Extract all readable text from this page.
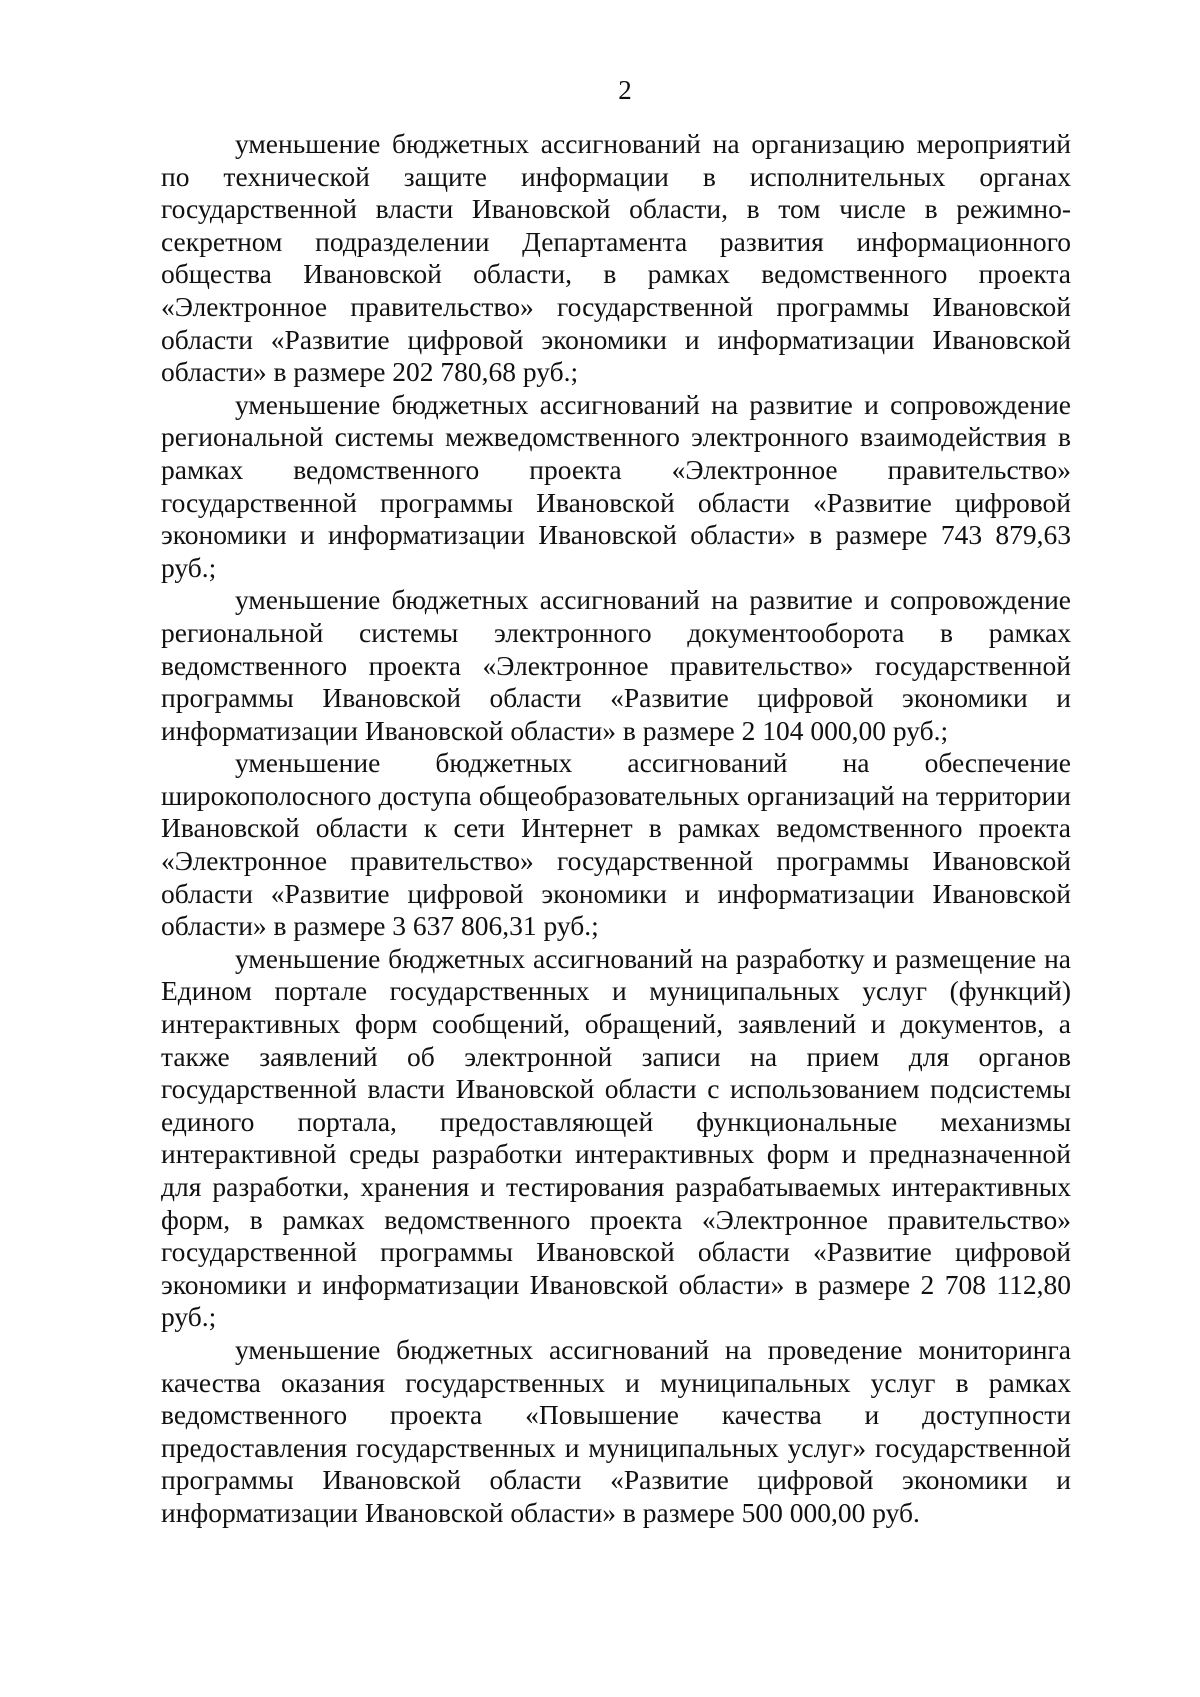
2

уменьшение бюджетных ассигнований на организацию мероприятий по технической защите информации в исполнительных органах государственной власти Ивановской области, в том числе в режимно-секретном подразделении Департамента развития информационного общества Ивановской области, в рамках ведомственного проекта «Электронное правительство» государственной программы Ивановской области «Развитие цифровой экономики и информатизации Ивановской области» в размере 202 780,68 руб.;

уменьшение бюджетных ассигнований на развитие и сопровождение региональной системы межведомственного электронного взаимодействия в рамках ведомственного проекта «Электронное правительство» государственной программы Ивановской области «Развитие цифровой экономики и информатизации Ивановской области» в размере 743 879,63 руб.;

уменьшение бюджетных ассигнований на развитие и сопровождение региональной системы электронного документооборота в рамках ведомственного проекта «Электронное правительство» государственной программы Ивановской области «Развитие цифровой экономики и информатизации Ивановской области» в размере 2 104 000,00 руб.;

уменьшение бюджетных ассигнований на обеспечение широкополосного доступа общеобразовательных организаций на территории Ивановской области к сети Интернет в рамках ведомственного проекта «Электронное правительство» государственной программы Ивановской области «Развитие цифровой экономики и информатизации Ивановской области» в размере 3 637 806,31 руб.;

уменьшение бюджетных ассигнований на разработку и размещение на Едином портале государственных и муниципальных услуг (функций) интерактивных форм сообщений, обращений, заявлений и документов, а также заявлений об электронной записи на прием для органов государственной власти Ивановской области с использованием подсистемы единого портала, предоставляющей функциональные механизмы интерактивной среды разработки интерактивных форм и предназначенной для разработки, хранения и тестирования разрабатываемых интерактивных форм, в рамках ведомственного проекта «Электронное правительство» государственной программы Ивановской области «Развитие цифровой экономики и информатизации Ивановской области» в размере 2 708 112,80 руб.;

уменьшение бюджетных ассигнований на проведение мониторинга качества оказания государственных и муниципальных услуг в рамках ведомственного проекта «Повышение качества и доступности предоставления государственных и муниципальных услуг» государственной программы Ивановской области «Развитие цифровой экономики и информатизации Ивановской области» в размере 500 000,00 руб.
